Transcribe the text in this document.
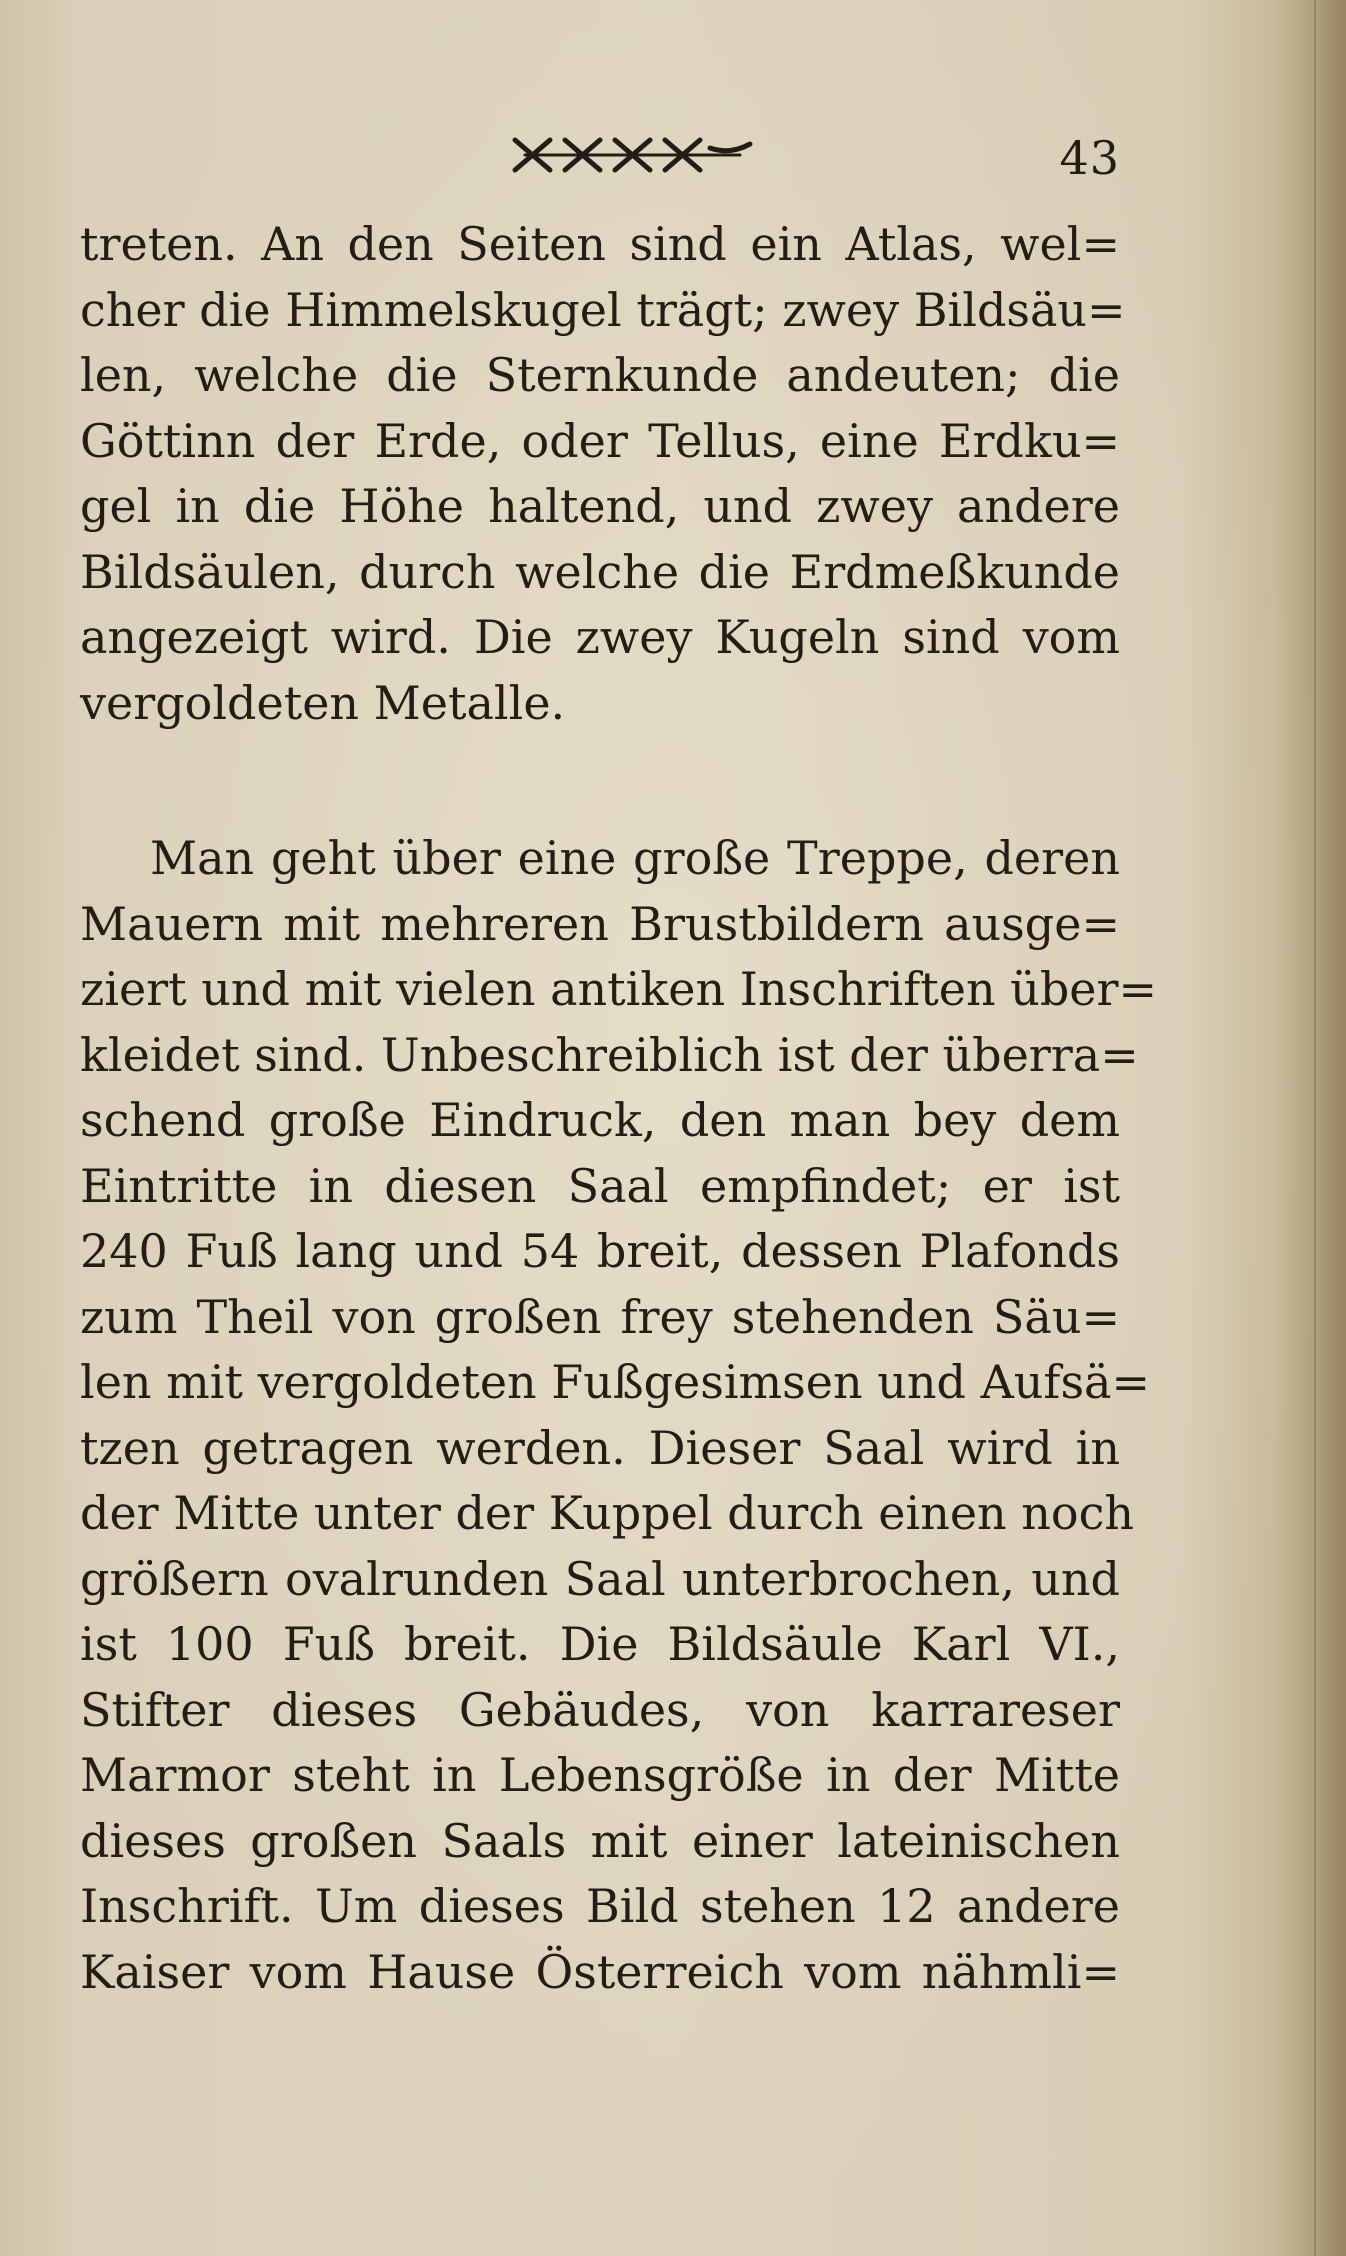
43
treten. An den Seiten sind ein Atlas, wel=
cher die Himmelskugel trägt; zwey Bildsäu=
len, welche die Sternkunde andeuten; die
Göttinn der Erde, oder Tellus, eine Erdku=
gel in die Höhe haltend, und zwey andere
Bildsäulen, durch welche die Erdmeßkunde
angezeigt wird. Die zwey Kugeln sind vom
vergoldeten Metalle.
Man geht über eine große Treppe, deren
Mauern mit mehreren Brustbildern ausge=
ziert und mit vielen antiken Inschriften über=
kleidet sind. Unbeschreiblich ist der überra=
schend große Eindruck, den man bey dem
Eintritte in diesen Saal empfindet; er ist
240 Fuß lang und 54 breit, dessen Plafonds
zum Theil von großen frey stehenden Säu=
len mit vergoldeten Fußgesimsen und Aufsä=
tzen getragen werden. Dieser Saal wird in
der Mitte unter der Kuppel durch einen noch
größern ovalrunden Saal unterbrochen, und
ist 100 Fuß breit. Die Bildsäule Karl VI.,
Stifter dieses Gebäudes, von karrareser
Marmor steht in Lebensgröße in der Mitte
dieses großen Saals mit einer lateinischen
Inschrift. Um dieses Bild stehen 12 andere
Kaiser vom Hause Österreich vom nähmli=
